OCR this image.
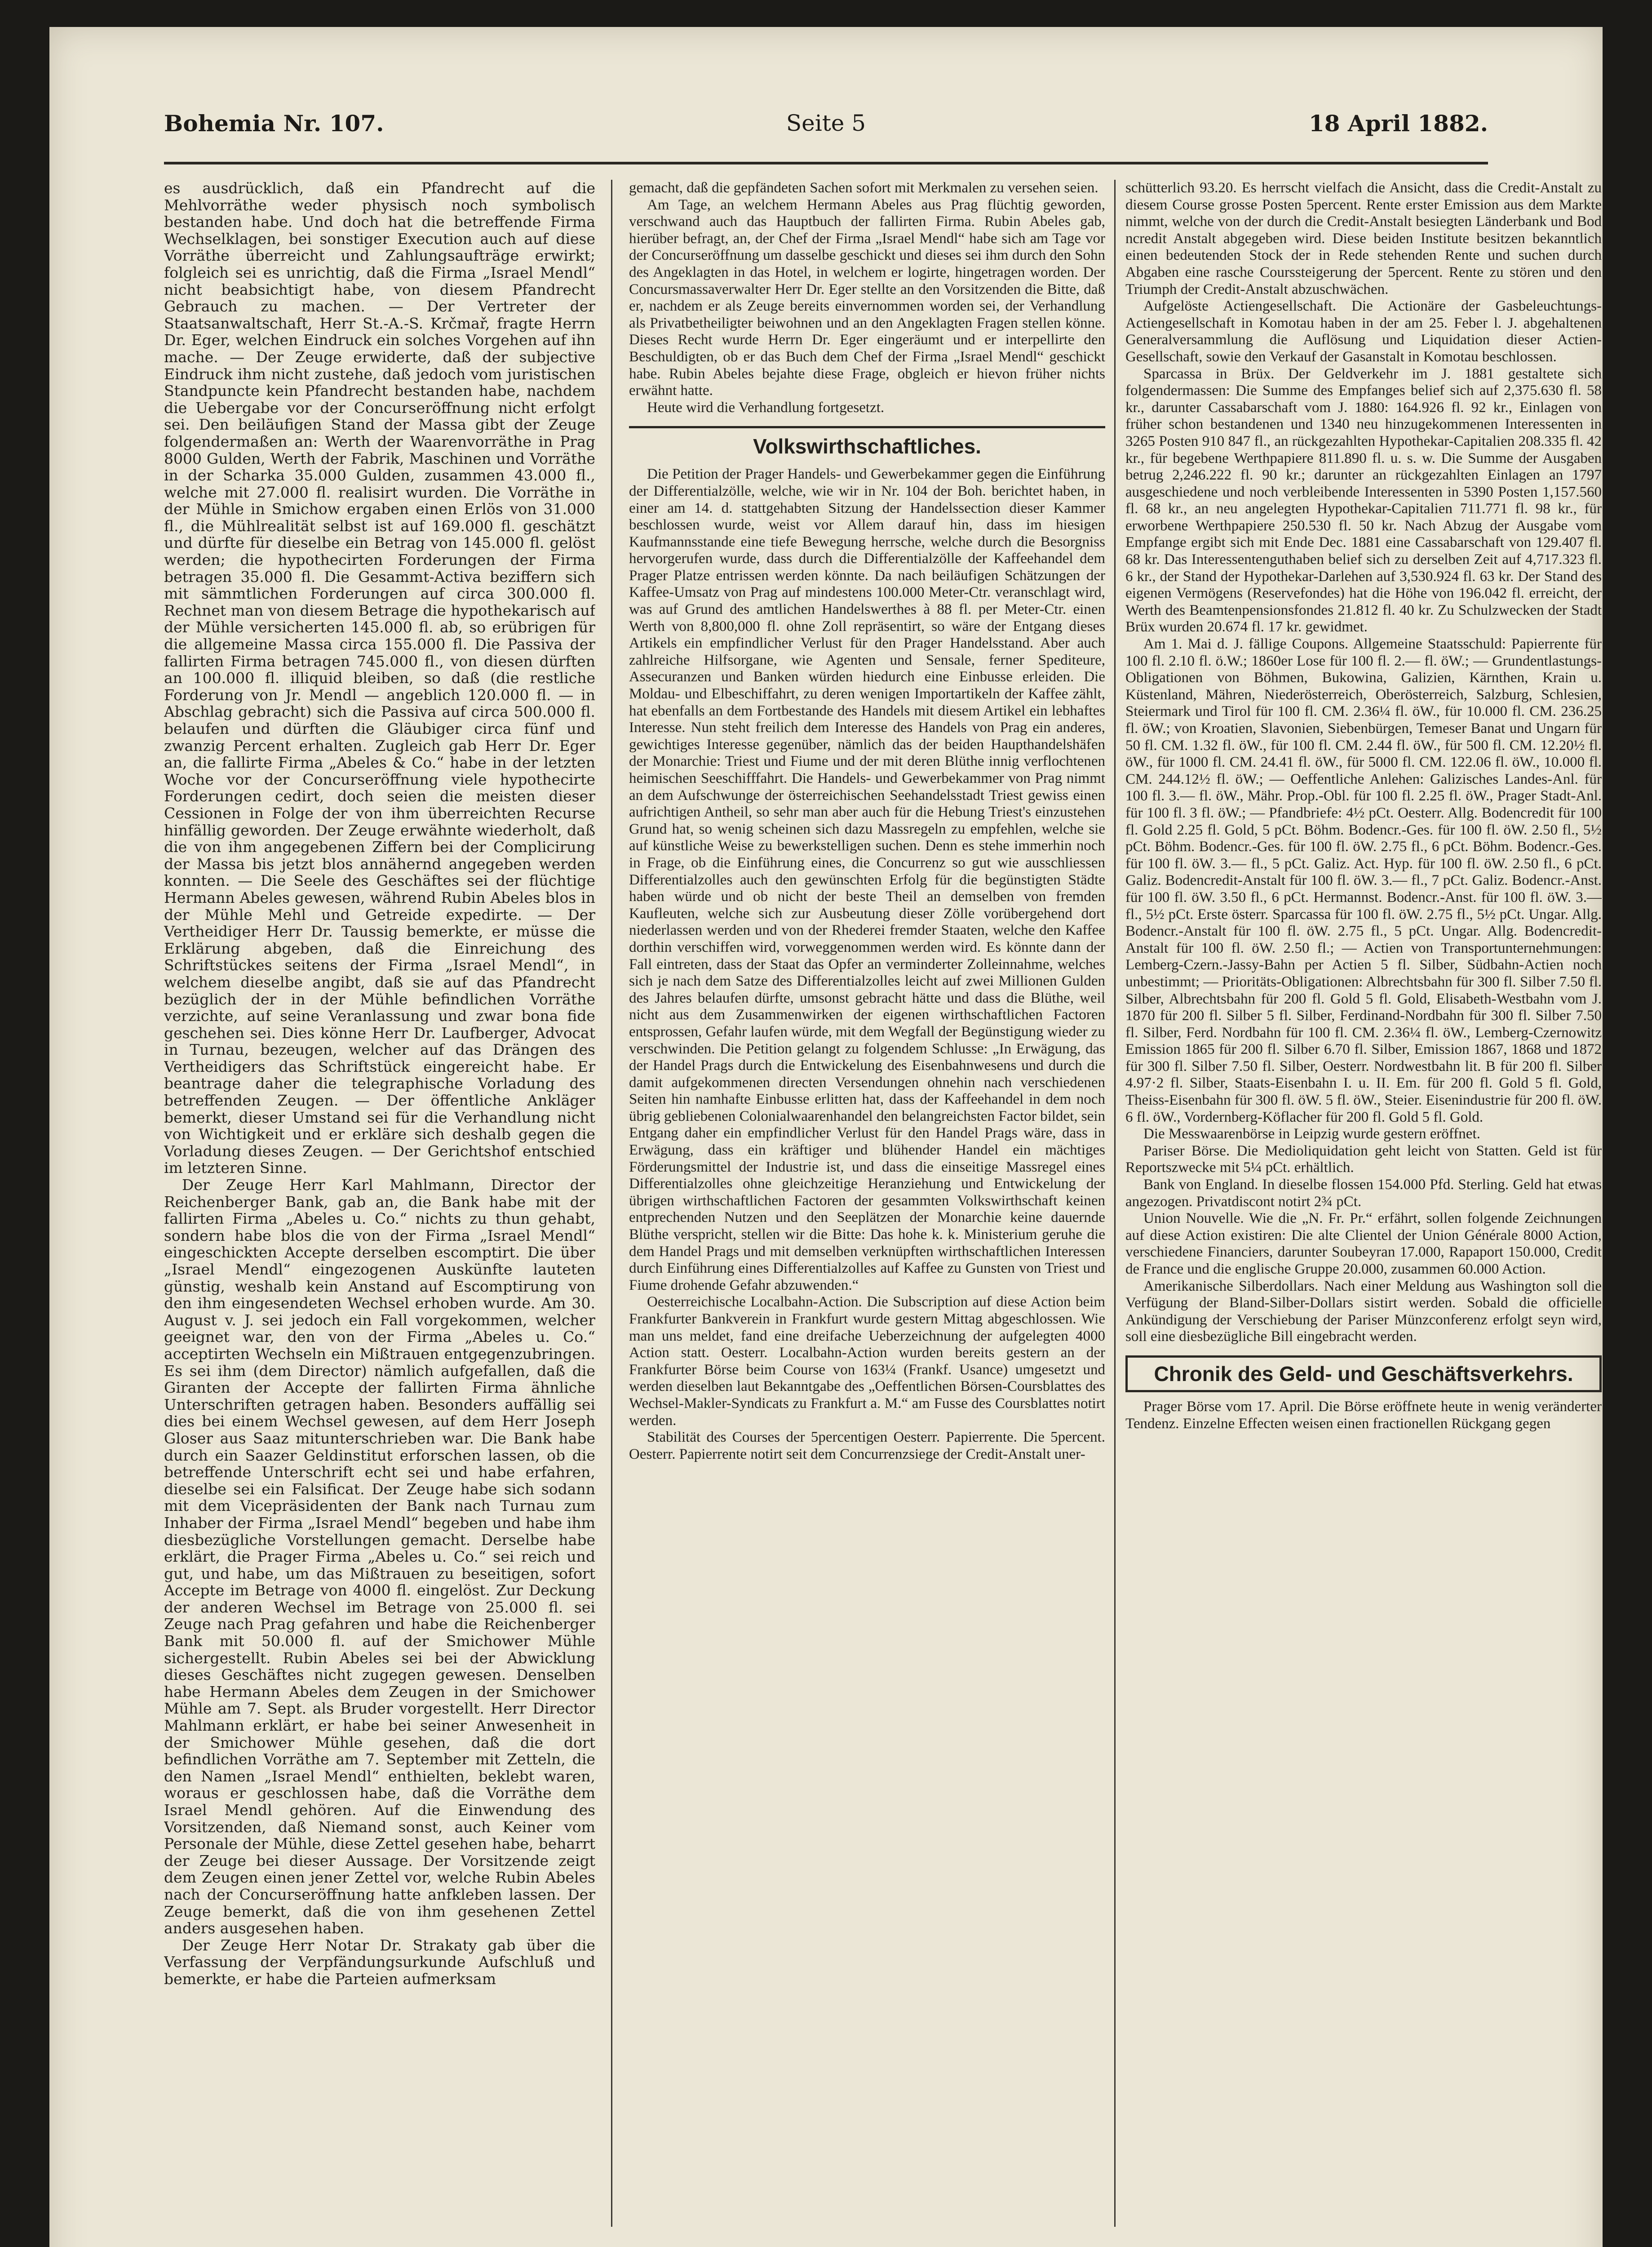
Bohemia Nr. 107.	Seite 5	18 April 1882.

es ausdrücklich, daß ein Pfandrecht auf die Mehlvorräthe weder physisch noch symbolisch bestanden habe. Und doch hat die betreffende Firma Wechselklagen, bei sonstiger Execution auch auf diese Vorräthe überreicht und Zahlungsaufträge erwirkt; folgleich sei es unrichtig, daß die Firma „Israel Mendl“ nicht beabsichtigt habe, von diesem Pfandrecht Gebrauch zu machen. — Der Vertreter der Staatsanwaltschaft, Herr St.-A.-S. Krčmař, fragte Herrn Dr. Eger, welchen Eindruck ein solches Vorgehen auf ihn mache. — Der Zeuge erwiderte, daß der subjective Eindruck ihm nicht zustehe, daß jedoch vom juristischen Standpuncte kein Pfandrecht bestanden habe, nachdem die Uebergabe vor der Concurseröffnung nicht erfolgt sei. Den beiläufigen Stand der Massa gibt der Zeuge folgendermaßen an: Werth der Waarenvorräthe in Prag 8000 Gulden, Werth der Fabrik, Maschinen und Vorräthe in der Scharka 35.000 Gulden, zusammen 43.000 fl., welche mit 27.000 fl. realisirt wurden. Die Vorräthe in der Mühle in Smichow ergaben einen Erlös von 31.000 fl., die Mühlrealität selbst ist auf 169.000 fl. geschätzt und dürfte für dieselbe ein Betrag von 145.000 fl. gelöst werden; die hypothecirten Forderungen der Firma betragen 35.000 fl. Die Gesammt-Activa beziffern sich mit sämmtlichen Forderungen auf circa 300.000 fl. Rechnet man von diesem Betrage die hypothekarisch auf der Mühle versicherten 145.000 fl. ab, so erübrigen für die allgemeine Massa circa 155.000 fl. Die Passiva der fallirten Firma betragen 745.000 fl., von diesen dürften an 100.000 fl. illiquid bleiben, so daß (die restliche Forderung von Jr. Mendl — angeblich 120.000 fl. — in Abschlag gebracht) sich die Passiva auf circa 500.000 fl. belaufen und dürften die Gläubiger circa fünf und zwanzig Percent erhalten. Zugleich gab Herr Dr. Eger an, die fallirte Firma „Abeles & Co.“ habe in der letzten Woche vor der Concurseröffnung viele hypothecirte Forderungen cedirt, doch seien die meisten dieser Cessionen in Folge der von ihm überreichten Recurse hinfällig geworden. Der Zeuge erwähnte wiederholt, daß die von ihm angegebenen Ziffern bei der Complicirung der Massa bis jetzt blos annähernd angegeben werden konnten. — Die Seele des Geschäftes sei der flüchtige Hermann Abeles gewesen, während Rubin Abeles blos in der Mühle Mehl und Getreide expedirte. — Der Vertheidiger Herr Dr. Taussig bemerkte, er müsse die Erklärung abgeben, daß die Einreichung des Schriftstückes seitens der Firma „Israel Mendl“, in welchem dieselbe angibt, daß sie auf das Pfandrecht bezüglich der in der Mühle befindlichen Vorräthe verzichte, auf seine Veranlassung und zwar bona fide geschehen sei. Dies könne Herr Dr. Laufberger, Advocat in Turnau, bezeugen, welcher auf das Drängen des Vertheidigers das Schriftstück eingereicht habe. Er beantrage daher die telegraphische Vorladung des betreffenden Zeugen. — Der öffentliche Ankläger bemerkt, dieser Umstand sei für die Verhandlung nicht von Wichtigkeit und er erkläre sich deshalb gegen die Vorladung dieses Zeugen. — Der Gerichtshof entschied im letzteren Sinne.

Der Zeuge Herr Karl Mahlmann, Director der Reichenberger Bank, gab an, die Bank habe mit der fallirten Firma „Abeles u. Co.“ nichts zu thun gehabt, sondern habe blos die von der Firma „Israel Mendl“ eingeschickten Accepte derselben escomptirt. Die über „Israel Mendl“ eingezogenen Auskünfte lauteten günstig, weshalb kein Anstand auf Escomptirung von den ihm eingesendeten Wechsel erhoben wurde. Am 30. August v. J. sei jedoch ein Fall vorgekommen, welcher geeignet war, den von der Firma „Abeles u. Co.“ acceptirten Wechseln ein Mißtrauen entgegenzubringen. Es sei ihm (dem Director) nämlich aufgefallen, daß die Giranten der Accepte der fallirten Firma ähnliche Unterschriften getragen haben. Besonders auffällig sei dies bei einem Wechsel gewesen, auf dem Herr Joseph Gloser aus Saaz mitunterschrieben war. Die Bank habe durch ein Saazer Geldinstitut erforschen lassen, ob die betreffende Unterschrift echt sei und habe erfahren, dieselbe sei ein Falsificat. Der Zeuge habe sich sodann mit dem Vicepräsidenten der Bank nach Turnau zum Inhaber der Firma „Israel Mendl“ begeben und habe ihm diesbezügliche Vorstellungen gemacht. Derselbe habe erklärt, die Prager Firma „Abeles u. Co.“ sei reich und gut, und habe, um das Mißtrauen zu beseitigen, sofort Accepte im Betrage von 4000 fl. eingelöst. Zur Deckung der anderen Wechsel im Betrage von 25.000 fl. sei Zeuge nach Prag gefahren und habe die Reichenberger Bank mit 50.000 fl. auf der Smichower Mühle sichergestellt. Rubin Abeles sei bei der Abwicklung dieses Geschäftes nicht zugegen gewesen. Denselben habe Hermann Abeles dem Zeugen in der Smichower Mühle am 7. Sept. als Bruder vorgestellt. Herr Director Mahlmann erklärt, er habe bei seiner Anwesenheit in der Smichower Mühle gesehen, daß die dort befindlichen Vorräthe am 7. September mit Zetteln, die den Namen „Israel Mendl“ enthielten, beklebt waren, woraus er geschlossen habe, daß die Vorräthe dem Israel Mendl gehören. Auf die Einwendung des Vorsitzenden, daß Niemand sonst, auch Keiner vom Personale der Mühle, diese Zettel gesehen habe, beharrt der Zeuge bei dieser Aussage. Der Vorsitzende zeigt dem Zeugen einen jener Zettel vor, welche Rubin Abeles nach der Concurseröffnung hatte anfkleben lassen. Der Zeuge bemerkt, daß die von ihm gesehenen Zettel anders ausgesehen haben.

Der Zeuge Herr Notar Dr. Strakaty gab über die Verfassung der Verpfändungsurkunde Aufschluß und bemerkte, er habe die Parteien aufmerksam

gemacht, daß die gepfändeten Sachen sofort mit Merkmalen zu versehen seien.

Am Tage, an welchem Hermann Abeles aus Prag flüchtig geworden, verschwand auch das Hauptbuch der fallirten Firma. Rubin Abeles gab, hierüber befragt, an, der Chef der Firma „Israel Mendl“ habe sich am Tage vor der Concurseröffnung um dasselbe geschickt und dieses sei ihm durch den Sohn des Angeklagten in das Hotel, in welchem er logirte, hingetragen worden. Der Concursmassaverwalter Herr Dr. Eger stellte an den Vorsitzenden die Bitte, daß er, nachdem er als Zeuge bereits einvernommen worden sei, der Verhandlung als Privatbetheiligter beiwohnen und an den Angeklagten Fragen stellen könne. Dieses Recht wurde Herrn Dr. Eger eingeräumt und er interpellirte den Beschuldigten, ob er das Buch dem Chef der Firma „Israel Mendl“ geschickt habe. Rubin Abeles bejahte diese Frage, obgleich er hievon früher nichts erwähnt hatte.

Heute wird die Verhandlung fortgesetzt.

Volkswirthschaftliches.

Die Petition der Prager Handels- und Gewerbekammer gegen die Einführung der Differentialzölle, welche, wie wir in Nr. 104 der Boh. berichtet haben, in einer am 14. d. stattgehabten Sitzung der Handelssection dieser Kammer beschlossen wurde, weist vor Allem darauf hin, dass im hiesigen Kaufmannsstande eine tiefe Bewegung herrsche, welche durch die Besorgniss hervorgerufen wurde, dass durch die Differentialzölle der Kaffeehandel dem Prager Platze entrissen werden könnte. Da nach beiläufigen Schätzungen der Kaffee-Umsatz von Prag auf mindestens 100.000 Meter-Ctr. veranschlagt wird, was auf Grund des amtlichen Handelswerthes à 88 fl. per Meter-Ctr. einen Werth von 8,800,000 fl. ohne Zoll repräsentirt, so wäre der Entgang dieses Artikels ein empfindlicher Verlust für den Prager Handelsstand. Aber auch zahlreiche Hilfsorgane, wie Agenten und Sensale, ferner Spediteure, Assecuranzen und Banken würden hiedurch eine Einbusse erleiden. Die Moldau- und Elbeschiffahrt, zu deren wenigen Importartikeln der Kaffee zählt, hat ebenfalls an dem Fortbestande des Handels mit diesem Artikel ein lebhaftes Interesse. Nun steht freilich dem Interesse des Handels von Prag ein anderes, gewichtiges Interesse gegenüber, nämlich das der beiden Haupthandelshäfen der Monarchie: Triest und Fiume und der mit deren Blüthe innig verflochtenen heimischen Seeschifffahrt. Die Handels- und Gewerbekammer von Prag nimmt an dem Aufschwunge der österreichischen Seehandelsstadt Triest gewiss einen aufrichtigen Antheil, so sehr man aber auch für die Hebung Triest's einzustehen Grund hat, so wenig scheinen sich dazu Massregeln zu empfehlen, welche sie auf künstliche Weise zu bewerkstelligen suchen. Denn es stehe immerhin noch in Frage, ob die Einführung eines, die Concurrenz so gut wie ausschliessen Differentialzolles auch den gewünschten Erfolg für die begünstigten Städte haben würde und ob nicht der beste Theil an demselben von fremden Kaufleuten, welche sich zur Ausbeutung dieser Zölle vorübergehend dort niederlassen werden und von der Rhederei fremder Staaten, welche den Kaffee dorthin verschiffen wird, vorweggenommen werden wird. Es könnte dann der Fall eintreten, dass der Staat das Opfer an verminderter Zolleinnahme, welches sich je nach dem Satze des Differentialzolles leicht auf zwei Millionen Gulden des Jahres belaufen dürfte, umsonst gebracht hätte und dass die Blüthe, weil nicht aus dem Zusammenwirken der eigenen wirthschaftlichen Factoren entsprossen, Gefahr laufen würde, mit dem Wegfall der Begünstigung wieder zu verschwinden. Die Petition gelangt zu folgendem Schlusse: „In Erwägung, das der Handel Prags durch die Entwickelung des Eisenbahnwesens und durch die damit aufgekommenen directen Versendungen ohnehin nach verschiedenen Seiten hin namhafte Einbusse erlitten hat, dass der Kaffeehandel in dem noch übrig gebliebenen Colonialwaarenhandel den belangreichsten Factor bildet, sein Entgang daher ein empfindlicher Verlust für den Handel Prags wäre, dass in Erwägung, dass ein kräftiger und blühender Handel ein mächtiges Förderungsmittel der Industrie ist, und dass die einseitige Massregel eines Differentialzolles ohne gleichzeitige Heranziehung und Entwickelung der übrigen wirthschaftlichen Factoren der gesammten Volkswirthschaft keinen entprechenden Nutzen und den Seeplätzen der Monarchie keine dauernde Blüthe verspricht, stellen wir die Bitte: Das hohe k. k. Ministerium geruhe die dem Handel Prags und mit demselben verknüpften wirthschaftlichen Interessen durch Einführung eines Differentialzolles auf Kaffee zu Gunsten von Triest und Fiume drohende Gefahr abzuwenden.“

Oesterreichische Localbahn-Action. Die Subscription auf diese Action beim Frankfurter Bankverein in Frankfurt wurde gestern Mittag abgeschlossen. Wie man uns meldet, fand eine dreifache Ueberzeichnung der aufgelegten 4000 Action statt. Oesterr. Localbahn-Action wurden bereits gestern an der Frankfurter Börse beim Course von 163¼ (Frankf. Usance) umgesetzt und werden dieselben laut Bekanntgabe des „Oeffentlichen Börsen-Coursblattes des Wechsel-Makler-Syndicats zu Frankfurt a. M.“ am Fusse des Coursblattes notirt werden.

Stabilität des Courses der 5percentigen Oesterr. Papierrente. Die 5percent. Oesterr. Papierrente notirt seit dem Concurrenzsiege der Credit-Anstalt uner-

schütterlich 93.20. Es herrscht vielfach die Ansicht, dass die Credit-Anstalt zu diesem Course grosse Posten 5percent. Rente erster Emission aus dem Markte nimmt, welche von der durch die Credit-Anstalt besiegten Länderbank und Bod ncredit Anstalt abgegeben wird. Diese beiden Institute besitzen bekanntlich einen bedeutenden Stock der in Rede stehenden Rente und suchen durch Abgaben eine rasche Courssteigerung der 5percent. Rente zu stören und den Triumph der Credit-Anstalt abzuschwächen.

Aufgelöste Actiengesellschaft. Die Actionäre der Gasbeleuchtungs-Actiengesellschaft in Komotau haben in der am 25. Feber l. J. abgehaltenen Generalversammlung die Auflösung und Liquidation dieser Actien-Gesellschaft, sowie den Verkauf der Gasanstalt in Komotau beschlossen.

Sparcassa in Brüx. Der Geldverkehr im J. 1881 gestaltete sich folgendermassen: Die Summe des Empfanges belief sich auf 2,375.630 fl. 58 kr., darunter Cassabarschaft vom J. 1880: 164.926 fl. 92 kr., Einlagen von früher schon bestandenen und 1340 neu hinzugekommenen Interessenten in 3265 Posten 910 847 fl., an rückgezahlten Hypothekar-Capitalien 208.335 fl. 42 kr., für begebene Werthpapiere 811.890 fl. u. s. w. Die Summe der Ausgaben betrug 2,246.222 fl. 90 kr.; darunter an rückgezahlten Einlagen an 1797 ausgeschiedene und noch verbleibende Interessenten in 5390 Posten 1,157.560 fl. 68 kr., an neu angelegten Hypothekar-Capitalien 711.771 fl. 98 kr., für erworbene Werthpapiere 250.530 fl. 50 kr. Nach Abzug der Ausgabe vom Empfange ergibt sich mit Ende Dec. 1881 eine Cassabarschaft von 129.407 fl. 68 kr. Das Interessentenguthaben belief sich zu derselben Zeit auf 4,717.323 fl. 6 kr., der Stand der Hypothekar-Darlehen auf 3,530.924 fl. 63 kr. Der Stand des eigenen Vermögens (Reservefondes) hat die Höhe von 196.042 fl. erreicht, der Werth des Beamtenpensionsfondes 21.812 fl. 40 kr. Zu Schulzwecken der Stadt Brüx wurden 20.674 fl. 17 kr. gewidmet.

Am 1. Mai d. J. fällige Coupons. Allgemeine Staatsschuld: Papierrente für 100 fl. 2.10 fl. ö.W.; 1860er Lose für 100 fl. 2.— fl. öW.; — Grundentlastungs-Obligationen von Böhmen, Bukowina, Galizien, Kärnthen, Krain u. Küstenland, Mähren, Niederösterreich, Oberösterreich, Salzburg, Schlesien, Steiermark und Tirol für 100 fl. CM. 2.36¼ fl. öW., für 10.000 fl. CM. 236.25 fl. öW.; von Kroatien, Slavonien, Siebenbürgen, Temeser Banat und Ungarn für 50 fl. CM. 1.32 fl. öW., für 100 fl. CM. 2.44 fl. öW., für 500 fl. CM. 12.20½ fl. öW., für 1000 fl. CM. 24.41 fl. öW., für 5000 fl. CM. 122.06 fl. öW., 10.000 fl. CM. 244.12½ fl. öW.; — Oeffentliche Anlehen: Galizisches Landes-Anl. für 100 fl. 3.— fl. öW., Mähr. Prop.-Obl. für 100 fl. 2.25 fl. öW., Prager Stadt-Anl. für 100 fl. 3 fl. öW.; — Pfandbriefe: 4½ pCt. Oesterr. Allg. Bodencredit für 100 fl. Gold 2.25 fl. Gold, 5 pCt. Böhm. Bodencr.-Ges. für 100 fl. öW. 2.50 fl., 5½ pCt. Böhm. Bodencr.-Ges. für 100 fl. öW. 2.75 fl., 6 pCt. Böhm. Bodencr.-Ges. für 100 fl. öW. 3.— fl., 5 pCt. Galiz. Act. Hyp. für 100 fl. öW. 2.50 fl., 6 pCt. Galiz. Bodencredit-Anstalt für 100 fl. öW. 3.— fl., 7 pCt. Galiz. Bodencr.-Anst. für 100 fl. öW. 3.50 fl., 6 pCt. Hermannst. Bodencr.-Anst. für 100 fl. öW. 3.— fl., 5½ pCt. Erste österr. Sparcassa für 100 fl. öW. 2.75 fl., 5½ pCt. Ungar. Allg. Bodencr.-Anstalt für 100 fl. öW. 2.75 fl., 5 pCt. Ungar. Allg. Bodencredit-Anstalt für 100 fl. öW. 2.50 fl.; — Actien von Transportunternehmungen: Lemberg-Czern.-Jassy-Bahn per Actien 5 fl. Silber, Südbahn-Actien noch unbestimmt; — Prioritäts-Obligationen: Albrechtsbahn für 300 fl. Silber 7.50 fl. Silber, Albrechtsbahn für 200 fl. Gold 5 fl. Gold, Elisabeth-Westbahn vom J. 1870 für 200 fl. Silber 5 fl. Silber, Ferdinand-Nordbahn für 300 fl. Silber 7.50 fl. Silber, Ferd. Nordbahn für 100 fl. CM. 2.36¼ fl. öW., Lemberg-Czernowitz Emission 1865 für 200 fl. Silber 6.70 fl. Silber, Emission 1867, 1868 und 1872 für 300 fl. Silber 7.50 fl. Silber, Oesterr. Nordwestbahn lit. B für 200 fl. Silber 4.97·2 fl. Silber, Staats-Eisenbahn I. u. II. Em. für 200 fl. Gold 5 fl. Gold, Theiss-Eisenbahn für 300 fl. öW. 5 fl. öW., Steier. Eisenindustrie für 200 fl. öW. 6 fl. öW., Vordernberg-Köflacher für 200 fl. Gold 5 fl. Gold.

Die Messwaarenbörse in Leipzig wurde gestern eröffnet.

Pariser Börse. Die Medioliquidation geht leicht von Statten. Geld ist für Reportszwecke mit 5¼ pCt. erhältlich.

Bank von England. In dieselbe flossen 154.000 Pfd. Sterling. Geld hat etwas angezogen. Privatdiscont notirt 2¾ pCt.

Union Nouvelle. Wie die „N. Fr. Pr.“ erfährt, sollen folgende Zeichnungen auf diese Action existiren: Die alte Clientel der Union Générale 8000 Action, verschiedene Financiers, darunter Soubeyran 17.000, Rapaport 150.000, Credit de France und die englische Gruppe 20.000, zusammen 60.000 Action.

Amerikanische Silberdollars. Nach einer Meldung aus Washington soll die Verfügung der Bland-Silber-Dollars sistirt werden. Sobald die officielle Ankündigung der Verschiebung der Pariser Münzconferenz erfolgt seyn wird, soll eine diesbezügliche Bill eingebracht werden.

Chronik des Geld- und Geschäftsverkehrs.

Prager Börse vom 17. April. Die Börse eröffnete heute in wenig veränderter Tendenz. Einzelne Effecten weisen einen fractionellen Rückgang gegen
